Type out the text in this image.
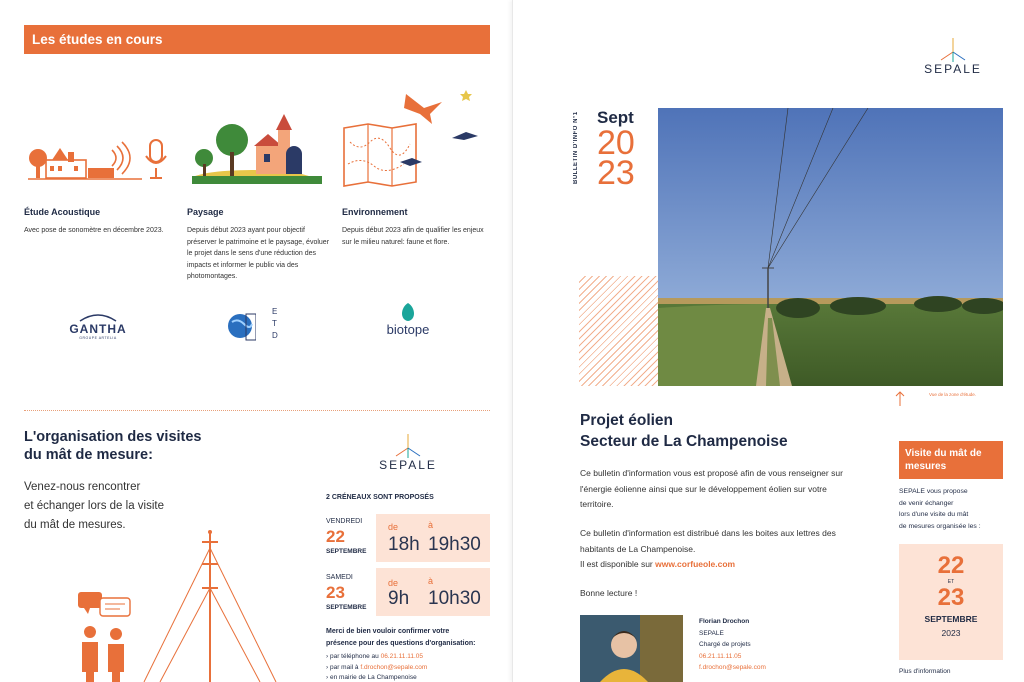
Les études en cours
Étude Acoustique
Avec pose de sonomètre en décembre 2023.
Paysage
Depuis début 2023 ayant pour objectif préserver le patrimoine et le paysage, évoluer le projet dans le sens d'une réduction des impacts et informer le public via des photomontages.
Environnement
Depuis début 2023 afin de qualifier les enjeux sur le milieu naturel: faune et flore.
GANTHA
GROUPE ARTELIA
E T D	biotope
L'organisation des visites
du mât de mesure:
Venez-nous rencontrer
et échanger lors de la visite
du mât de mesures.
SEPALE
2 CRÉNEAUX SONT PROPOSÉS
VENDREDI
22
SEPTEMBRE
de	à
18h 19h30
SAMEDI
23
SEPTEMBRE
de	à
9h 10h30
Merci de bien vouloir confirmer votre
présence pour des questions d'organisation:
› par téléphone au 06.21.11.11.05
› par mail à f.drochon@sepale.com
› en mairie de La Champenoise
SEPALE
BULLETIN D'INFO N°1 Sept
20
23
Vue de la zone d'étude.
Projet éolien
Secteur de La Champenoise
Ce bulletin d'information vous est proposé afin de vous renseigner sur l'énergie éolienne ainsi que sur le développement éolien sur votre territoire.
Ce bulletin d'information est distribué dans les boites aux lettres des habitants de La Champenoise.
Il est disponible sur www.corfueole.com
Bonne lecture !
Florian Drochon
SEPALE
Chargé de projets
06.21.11.11.05
f.drochon@sepale.com
Visite du mât de mesures
SEPALE vous propose
de venir échanger
lors d'une visite du mât
de mesures organisée les :
22
ET
23
SEPTEMBRE
2023
Plus d'information
